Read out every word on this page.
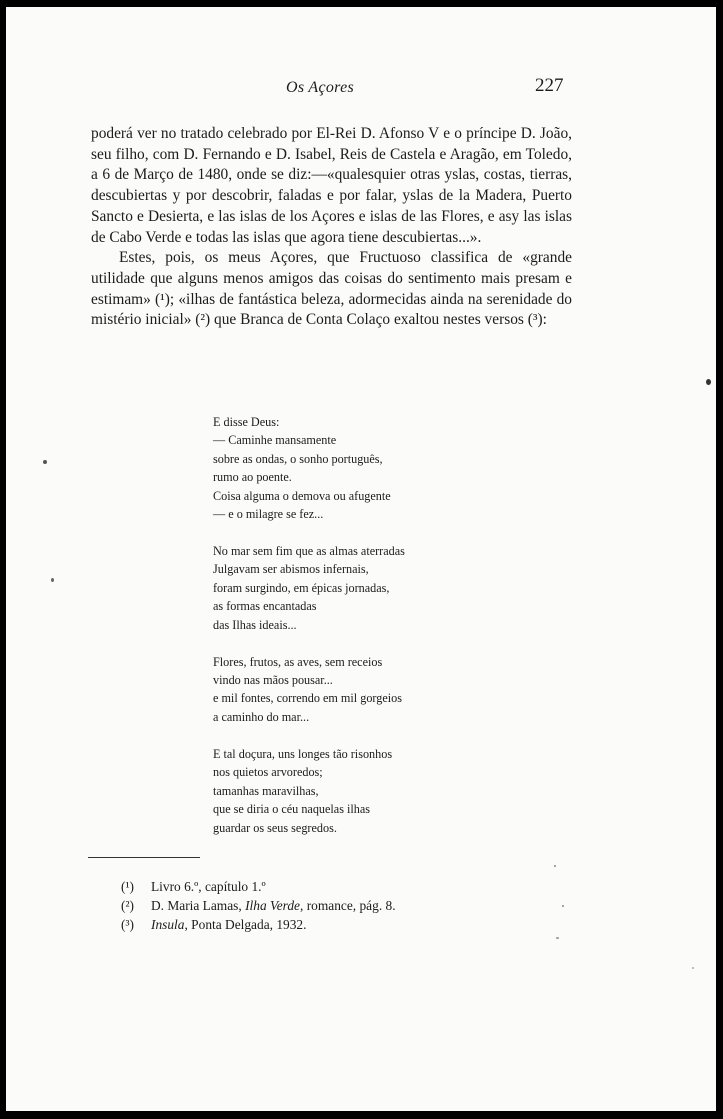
Os Açores	227

poderá ver no tratado celebrado por El-Rei D. Afonso V e o príncipe D. João, seu filho, com D. Fernando e D. Isabel, Reis de Castela e Aragão, em Toledo, a 6 de Março de 1480, onde se diz:—«qualesquier otras yslas, costas, tierras, descubiertas y por descobrir, faladas e por falar, yslas de la Madera, Puerto Sancto e Desierta, e las islas de los Açores e islas de las Flores, e asy las islas de Cabo Verde e todas las islas que agora tiene descubiertas...».

Estes, pois, os meus Açores, que Fructuoso classifica de «grande utilidade que alguns menos amigos das coisas do sentimento mais presam e estimam» (¹); «ilhas de fantástica beleza, adormecidas ainda na serenidade do mistério inicial» (²) que Branca de Conta Colaço exaltou nestes versos (³):

E disse Deus:
— Caminhe mansamente
sobre as ondas, o sonho português,
rumo ao poente.
Coisa alguma o demova ou afugente
— e o milagre se fez...
No mar sem fim que as almas aterradas
Julgavam ser abismos infernais,
foram surgindo, em épicas jornadas,
as formas encantadas
das Ilhas ideais...
Flores, frutos, as aves, sem receios
vindo nas mãos pousar...
e mil fontes, correndo em mil gorgeios
a caminho do mar...
E tal doçura, uns longes tão risonhos
nos quietos arvoredos;
tamanhas maravilhas,
que se diria o céu naquelas ilhas
guardar os seus segredos.
(¹) Livro 6.º, capítulo 1.º
(²) D. Maria Lamas, Ilha Verde, romance, pág. 8.
(³) Insula, Ponta Delgada, 1932.
